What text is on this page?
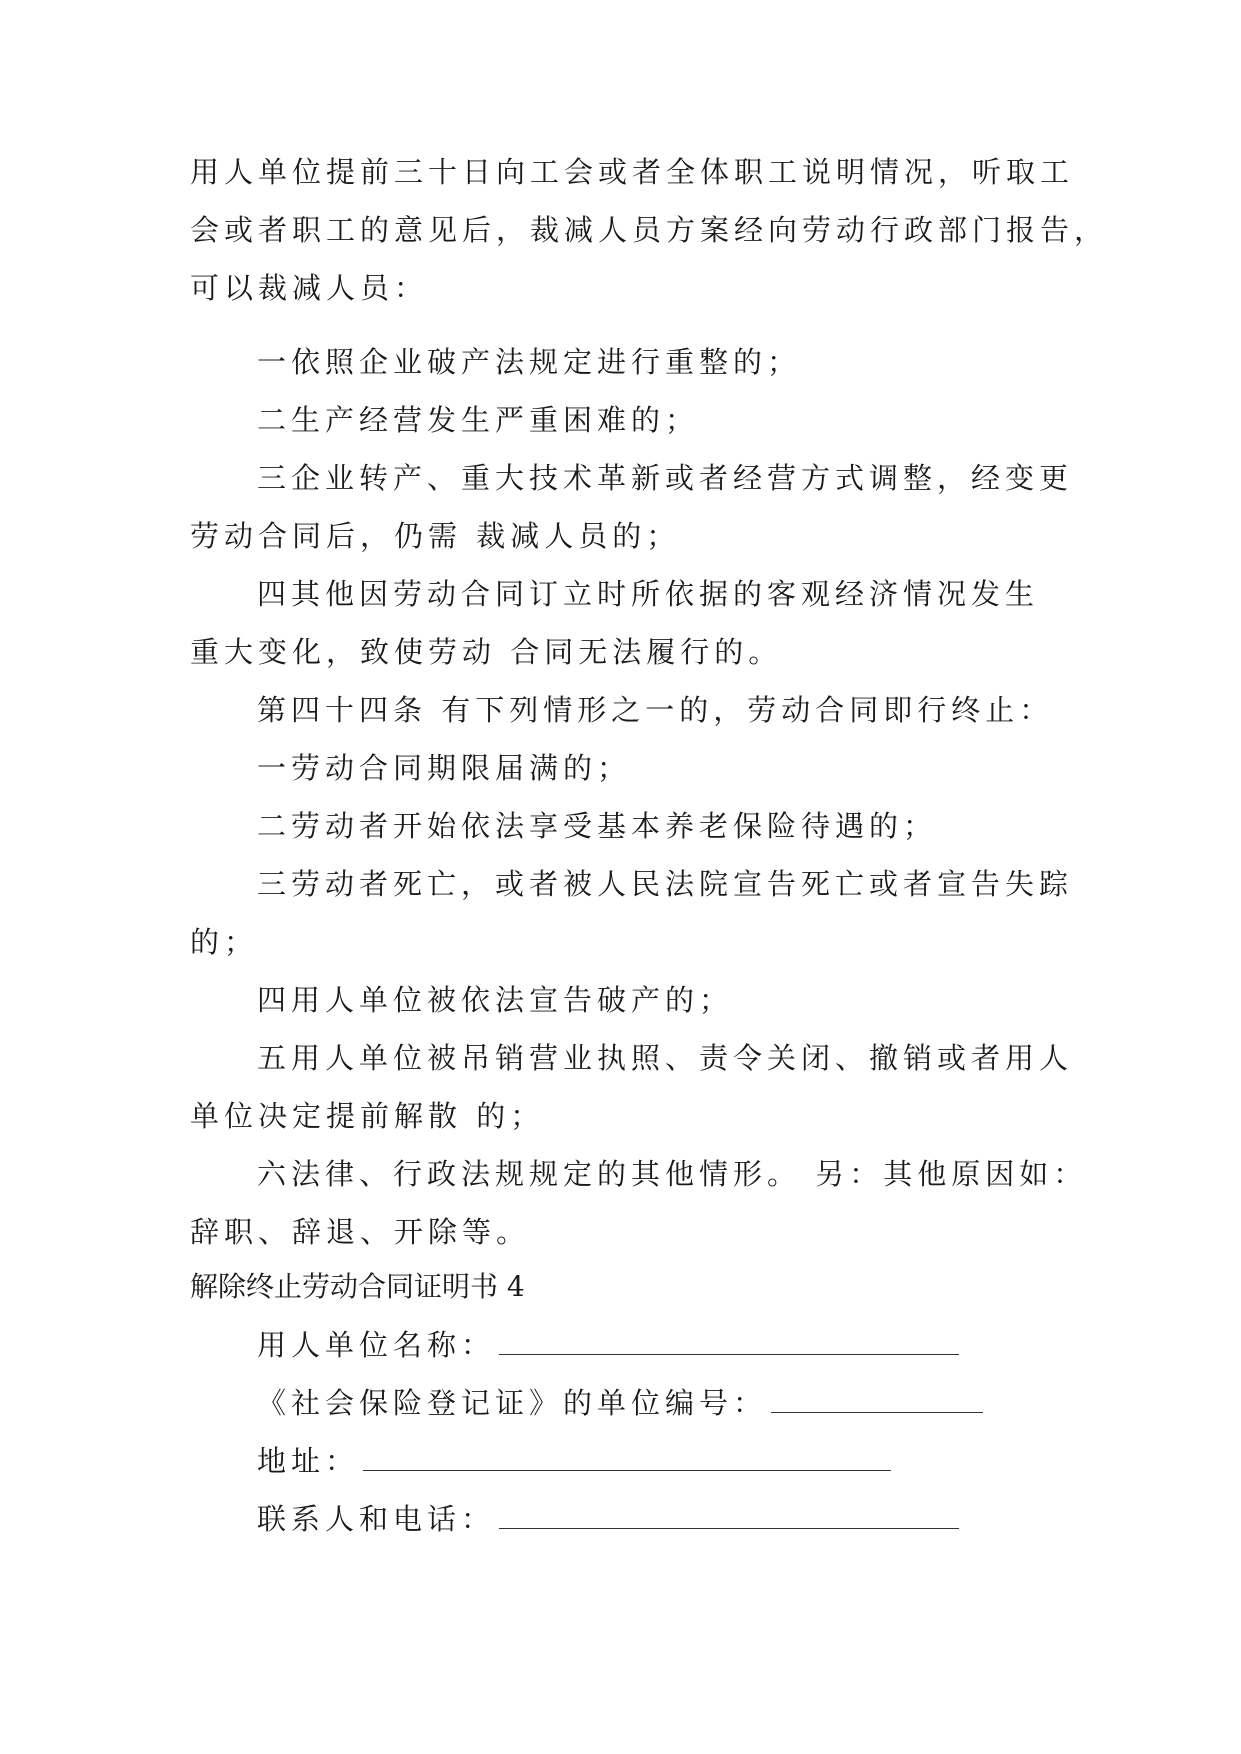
用人单位提前三十日向工会或者全体职工说明情况，听取工
会或者职工的意见后，裁减人员方案经向劳动行政部门报告，
可以裁减人员：
一依照企业破产法规定进行重整的；
二生产经营发生严重困难的；
三企业转产、重大技术革新或者经营方式调整，经变更
劳动合同后，仍需 裁减人员的；
四其他因劳动合同订立时所依据的客观经济情况发生
重大变化，致使劳动 合同无法履行的。
第四十四条 有下列情形之一的，劳动合同即行终止：
一劳动合同期限届满的；
二劳动者开始依法享受基本养老保险待遇的；
三劳动者死亡，或者被人民法院宣告死亡或者宣告失踪
的；
四用人单位被依法宣告破产的；
五用人单位被吊销营业执照、责令关闭、撤销或者用人
单位决定提前解散 的；
六法律、行政法规规定的其他情形。 另：其他原因如：
辞职、辞退、开除等。
解除终止劳动合同证明书 4
用人单位名称：
《社会保险登记证》的单位编号：
地址：
联系人和电话：
